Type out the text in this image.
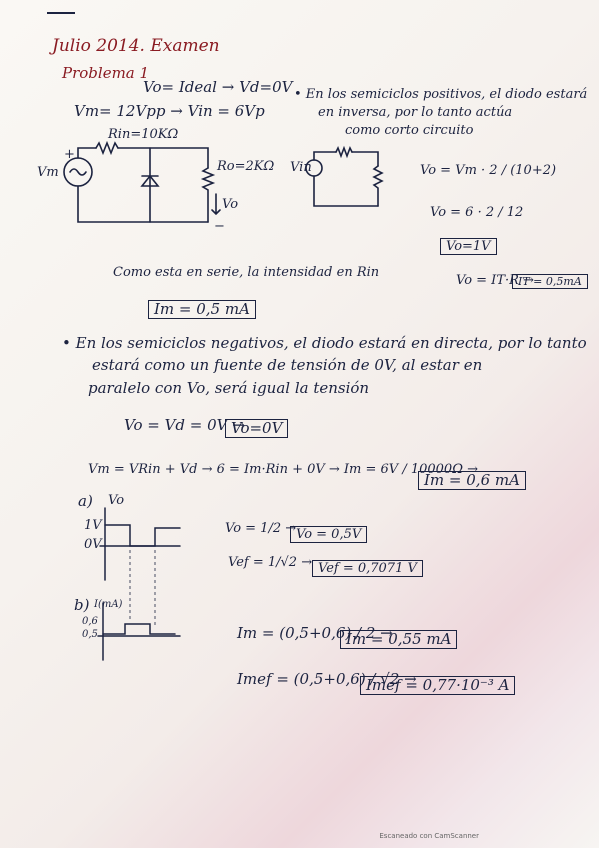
Julio 2014. Examen
Problema 1
Vo= Ideal → Vd=0V
Vm= 12Vpp → Vin = 6Vp
Rin=10KΩ
Vm
+
Ro=2KΩ
Vo
−
Vin
• En los semiciclos positivos, el diodo estará
en inversa, por lo tanto actúa
como corto circuito
Vo = Vm · 2 / (10+2)
Vo = 6 · 2 / 12
Vo=1V
Vo = IT·R →
IT = 0,5mA
Como esta en serie, la intensidad en Rin
Im = 0,5 mA
• En los semiciclos negativos, el diodo estará en directa, por lo tanto
estará como un fuente de tensión de 0V, al estar en
paralelo con Vo, será igual la tensión
Vo = Vd = 0V →
Vo=0V
Vm = VRin + Vd → 6 = Im·Rin + 0V → Im = 6V / 10000Ω →
Im = 0,6 mA
a) Vo
1V
0V
Vo = 1/2 → Vo = 0,5V
Vef = 1/√2 → Vef = 0,7071 V
b) I(mA)
0,6
0,5	Im = (0,5+0,6) / 2 →
Im = 0,55 mA
Imef = (0,5+0,6) / √2 →
Imef = 0,77·10⁻³ A
Escaneado con CamScanner
